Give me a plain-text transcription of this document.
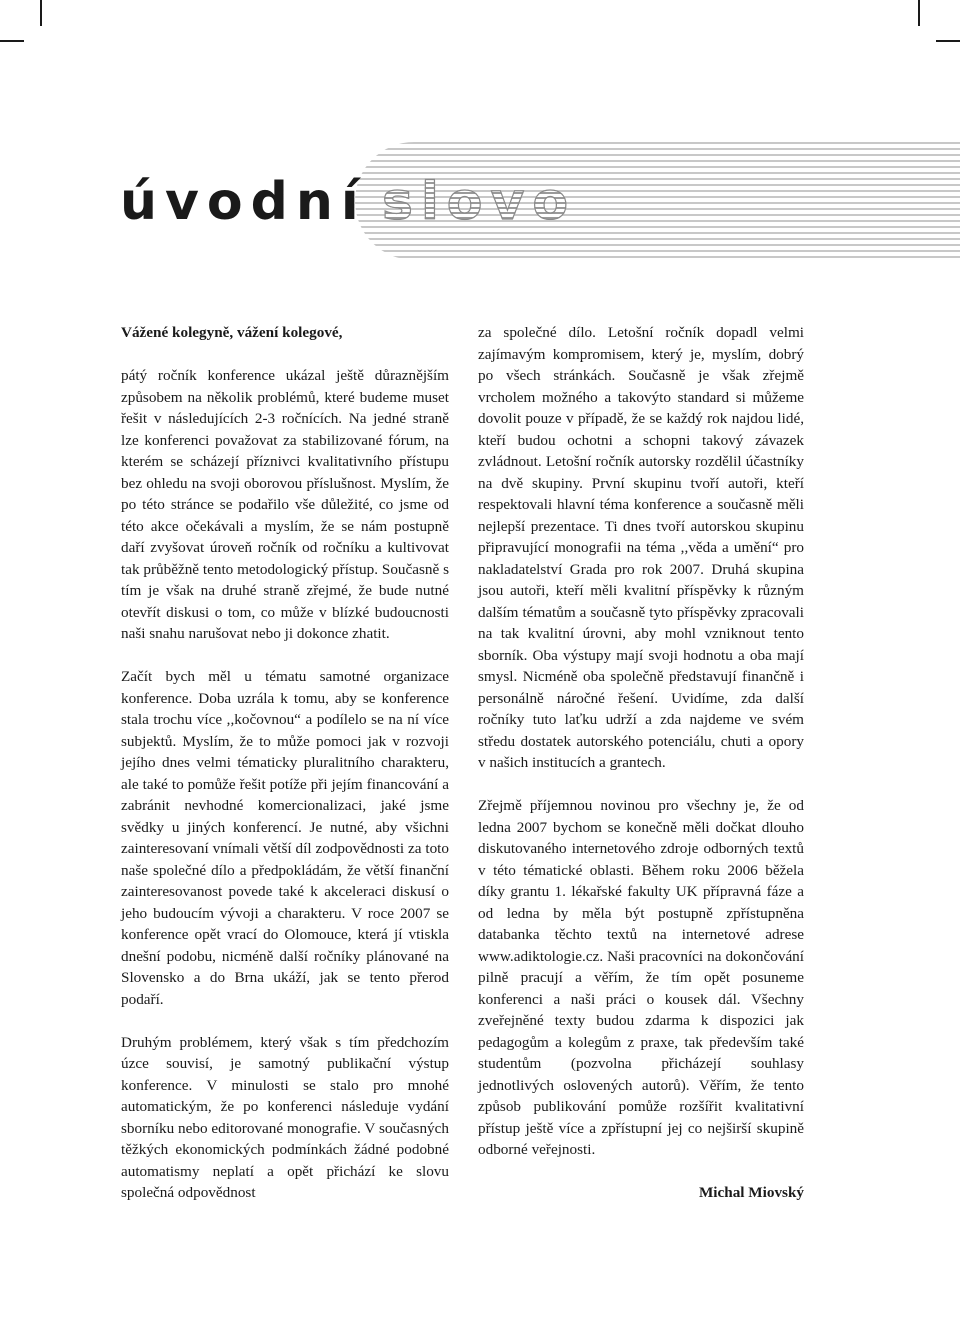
úvodní slovo

Vážené kolegyně, vážení kolegové,

pátý ročník konference ukázal ještě důraznějším způsobem na několik problémů, které budeme muset řešit v následujících 2-3 ročnících. Na jedné straně lze konferenci považovat za stabilizované fórum, na kterém se scházejí příznivci kvalitativního přístupu bez ohledu na svoji oborovou příslušnost. Myslím, že po této stránce se podařilo vše důležité, co jsme od této akce očekávali a myslím, že se nám postupně daří zvyšovat úroveň ročník od ročníku a kultivovat tak průběžně tento metodologický přístup. Současně s tím je však na druhé straně zřejmé, že bude nutné otevřít diskusi o tom, co může v blízké budoucnosti naši snahu narušovat nebo ji dokonce zhatit.

Začít bych měl u tématu samotné organizace konference. Doba uzrála k tomu, aby se konference stala trochu více ,,kočovnou“ a podílelo se na ní více subjektů. Myslím, že to může pomoci jak v rozvoji jejího dnes velmi tématicky pluralitního charakteru, ale také to pomůže řešit potíže při jejím financování a zabránit nevhodné komercionalizaci, jaké jsme svědky u jiných konferencí. Je nutné, aby všichni zainteresovaní vnímali větší díl zodpovědnosti za toto naše společné dílo a předpokládám, že větší finanční zainteresovanost povede také k akceleraci diskusí o jeho budoucím vývoji a charakteru. V roce 2007 se konference opět vrací do Olomouce, která jí vtiskla dnešní podobu, nicméně další ročníky plánované na Slovensko a do Brna ukáží, jak se tento přerod podaří.

Druhým problémem, který však s tím předchozím úzce souvisí, je samotný publikační výstup konference. V minulosti se stalo pro mnohé automatickým, že po konferenci následuje vydání sborníku nebo editorované monografie. V současných těžkých ekonomických podmínkách žádné podobné automatismy neplatí a opět přichází ke slovu společná odpovědnost

za společné dílo. Letošní ročník dopadl velmi zajímavým kompromisem, který je, myslím, dobrý po všech stránkách. Současně je však zřejmě vrcholem možného a takovýto standard si můžeme dovolit pouze v případě, že se každý rok najdou lidé, kteří budou ochotni a schopni takový závazek zvládnout. Letošní ročník autorsky rozdělil účastníky na dvě skupiny. První skupinu tvoří autoři, kteří respektovali hlavní téma konference a současně měli nejlepší prezentace. Ti dnes tvoří autorskou skupinu připravující monografii na téma ,,věda a umění“ pro nakladatelství Grada pro rok 2007. Druhá skupina jsou autoři, kteří měli kvalitní příspěvky k různým dalším tématům a současně tyto příspěvky zpracovali na tak kvalitní úrovni, aby mohl vzniknout tento sborník. Oba výstupy mají svoji hodnotu a oba mají smysl. Nicméně oba společně představují finančně i personálně náročné řešení. Uvidíme, zda další ročníky tuto laťku udrží a zda najdeme ve svém středu dostatek autorského potenciálu, chuti a opory v našich institucích a grantech.

Zřejmě příjemnou novinou pro všechny je, že od ledna 2007 bychom se konečně měli dočkat dlouho diskutovaného internetového zdroje odborných textů v této tématické oblasti. Během roku 2006 běžela díky grantu 1. lékařské fakulty UK přípravná fáze a od ledna by měla být postupně zpřístupněna databanka těchto textů na internetové adrese www.adiktologie.cz. Naši pracovníci na dokončování pilně pracují a věřím, že tím opět posuneme konferenci a naši práci o kousek dál. Všechny zveřejněné texty budou zdarma k dispozici jak pedagogům a kolegům z praxe, tak především také studentům (pozvolna přicházejí souhlasy jednotlivých oslovených autorů). Věřím, že tento způsob publikování pomůže rozšířit kvalitativní přístup ještě více a zpřístupní jej co nejširší skupině odborné veřejnosti.

Michal Miovský
